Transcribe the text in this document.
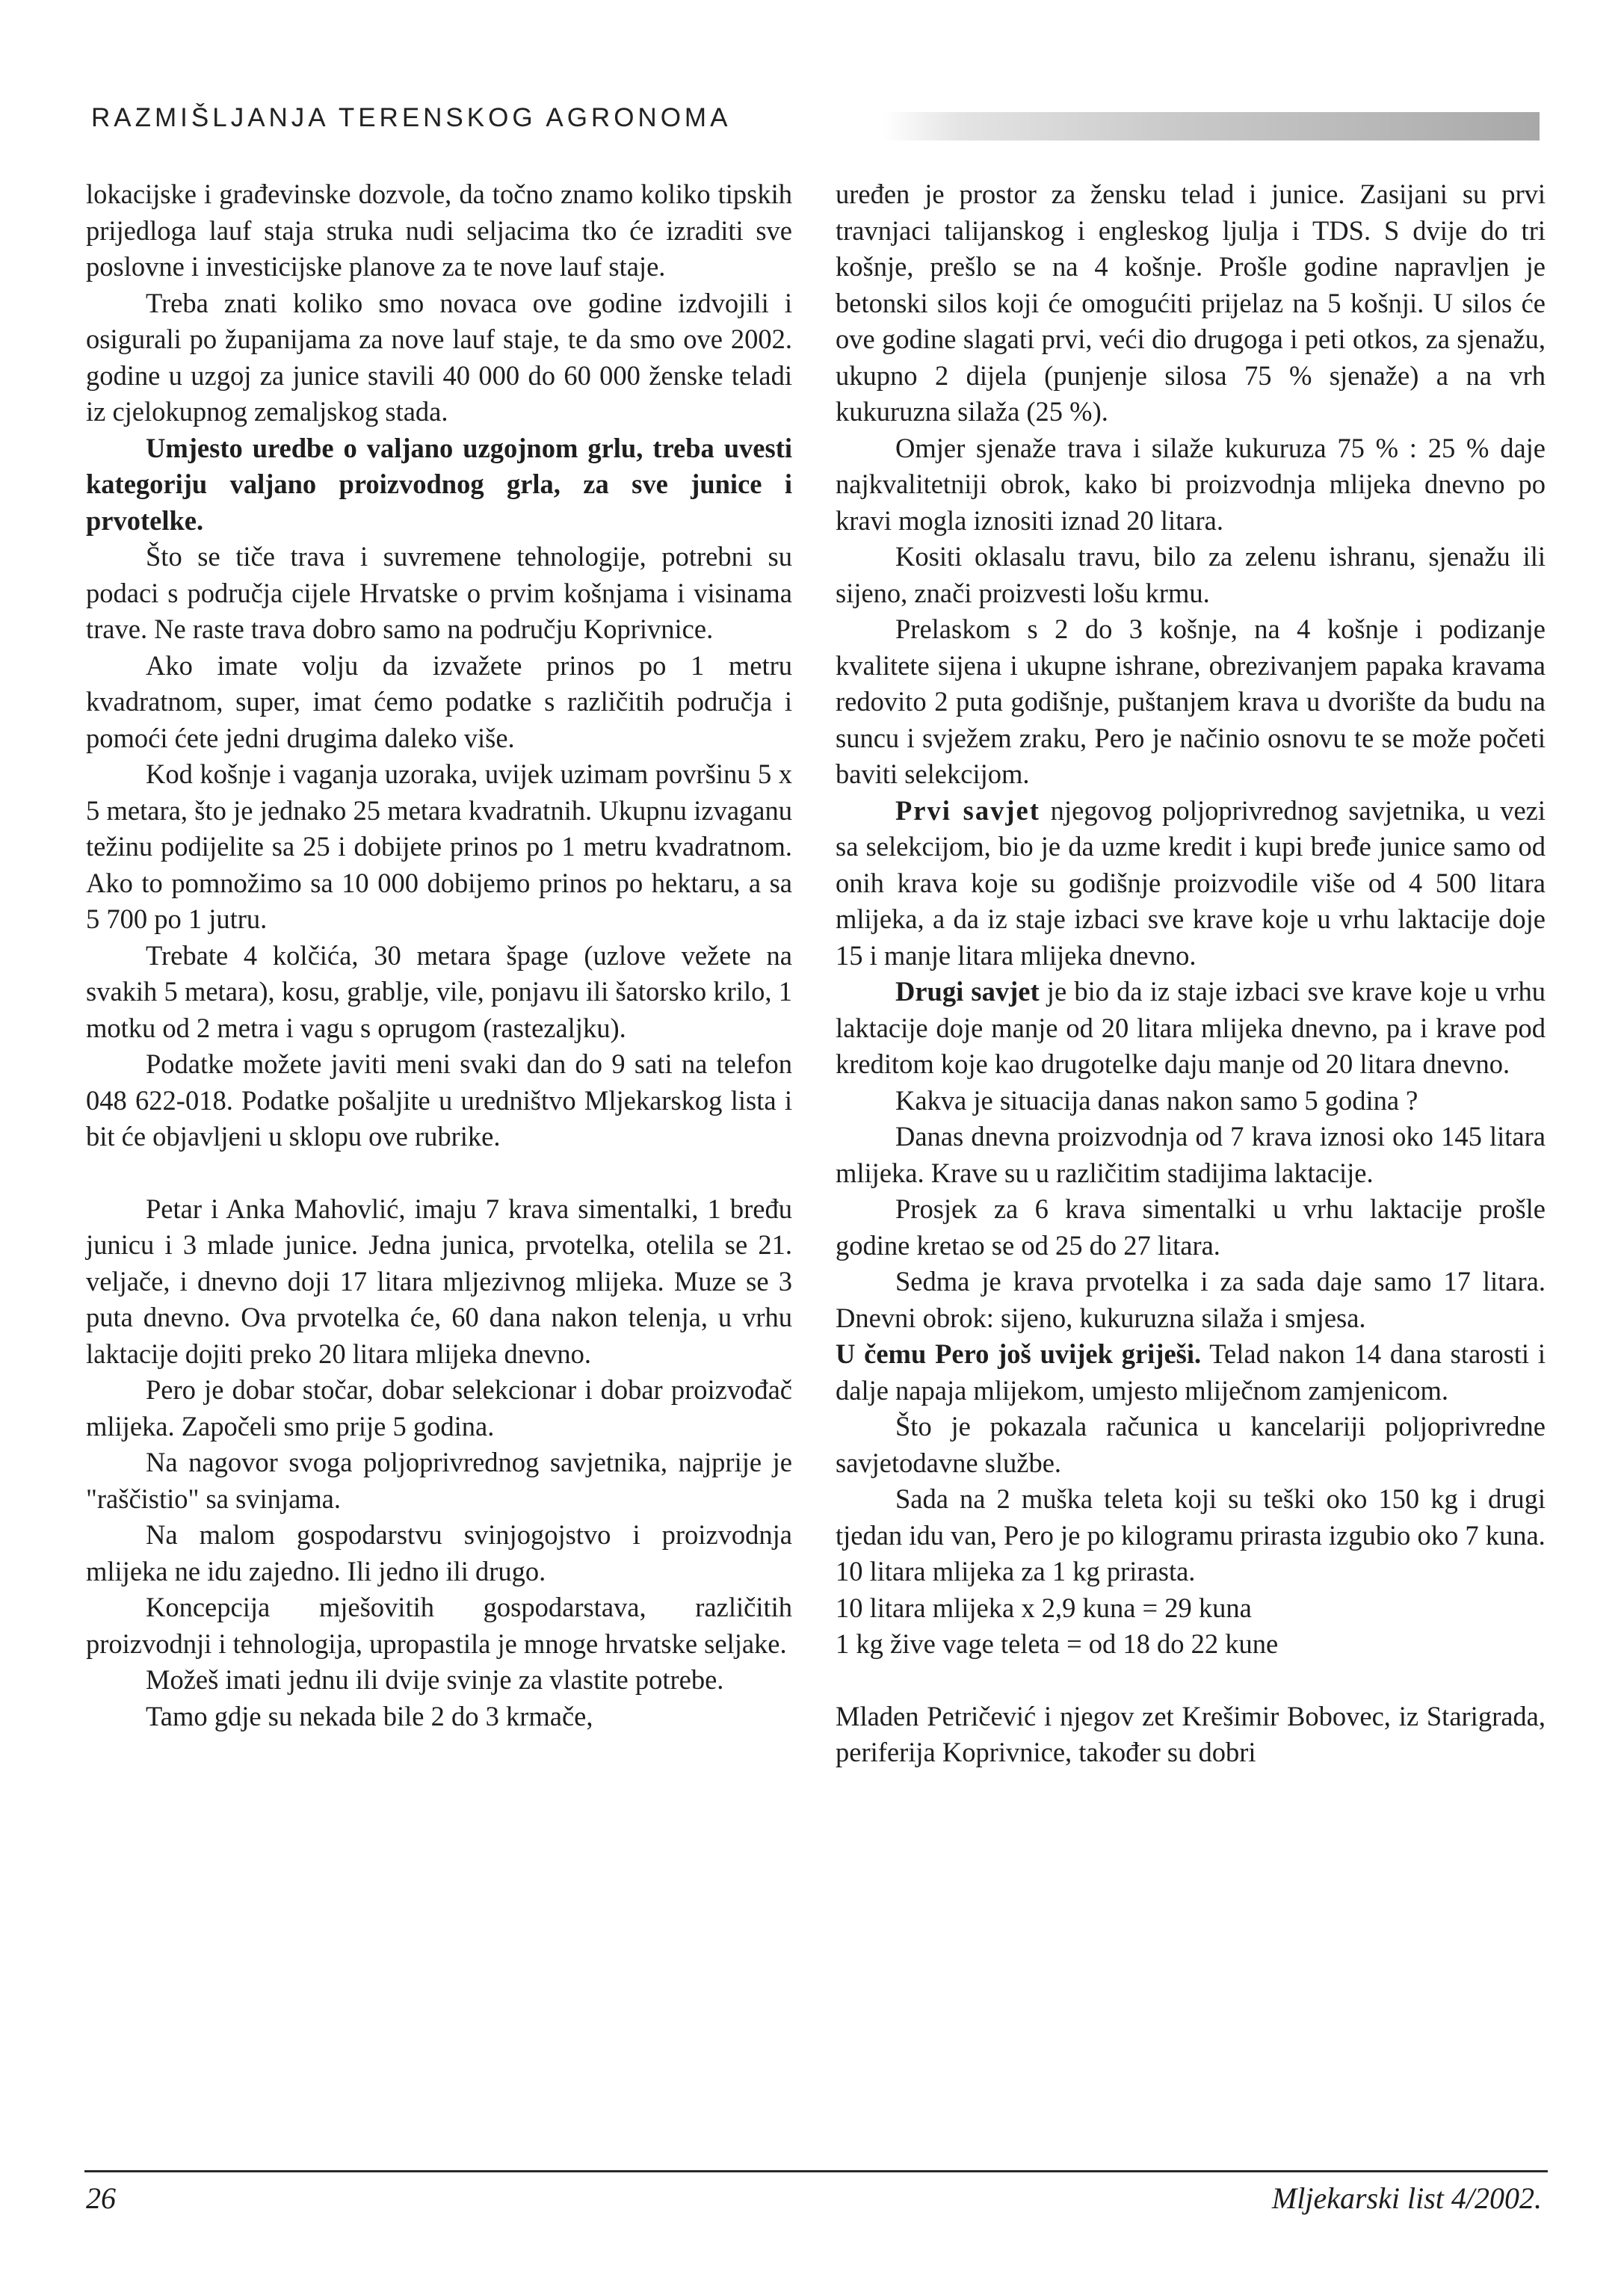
RAZMIŠLJANJA TERENSKOG AGRONOMA

lokacijske i građevinske dozvole, da točno znamo koliko tipskih prijedloga lauf staja struka nudi seljacima tko će izraditi sve poslovne i investicijske planove za te nove lauf staje.

Treba znati koliko smo novaca ove godine izdvojili i osigurali po županijama za nove lauf staje, te da smo ove 2002. godine u uzgoj za junice stavili 40 000 do 60 000 ženske teladi iz cjelokupnog zemaljskog stada.

Umjesto uredbe o valjano uzgojnom grlu, treba uvesti kategoriju valjano proizvodnog grla, za sve junice i prvotelke.

Što se tiče trava i suvremene tehnologije, potrebni su podaci s područja cijele Hrvatske o prvim košnjama i visinama trave. Ne raste trava dobro samo na području Koprivnice.

Ako imate volju da izvažete prinos po 1 metru kvadratnom, super, imat ćemo podatke s različitih područja i pomoći ćete jedni drugima daleko više.

Kod košnje i vaganja uzoraka, uvijek uzimam površinu 5 x 5 metara, što je jednako 25 metara kvadratnih. Ukupnu izvaganu težinu podijelite sa 25 i dobijete prinos po 1 metru kvadratnom. Ako to pomnožimo sa 10 000 dobijemo prinos po hektaru, a sa 5 700 po 1 jutru.

Trebate 4 kolčića, 30 metara špage (uzlove vežete na svakih 5 metara), kosu, grablje, vile, ponjavu ili šatorsko krilo, 1 motku od 2 metra i vagu s oprugom (rastezaljku).

Podatke možete javiti meni svaki dan do 9 sati na telefon 048 622-018. Podatke pošaljite u uredništvo Mljekarskog lista i bit će objavljeni u sklopu ove rubrike.

Petar i Anka Mahovlić, imaju 7 krava simentalki, 1 bređu junicu i 3 mlade junice. Jedna junica, prvotelka, otelila se 21. veljače, i dnevno doji 17 litara mljezivnog mlijeka. Muze se 3 puta dnevno. Ova prvotelka će, 60 dana nakon telenja, u vrhu laktacije dojiti preko 20 litara mlijeka dnevno.

Pero je dobar stočar, dobar selekcionar i dobar proizvođač mlijeka. Započeli smo prije 5 godina.

Na nagovor svoga poljoprivrednog savjetnika, najprije je "raščistio" sa svinjama.

Na malom gospodarstvu svinjogojstvo i proizvodnja mlijeka ne idu zajedno. Ili jedno ili drugo.

Koncepcija mješovitih gospodarstava, različitih proizvodnji i tehnologija, upropastila je mnoge hrvatske seljake.

Možeš imati jednu ili dvije svinje za vlastite potrebe.

Tamo gdje su nekada bile 2 do 3 krmače,

uređen je prostor za žensku telad i junice. Zasijani su prvi travnjaci talijanskog i engleskog ljulja i TDS. S dvije do tri košnje, prešlo se na 4 košnje. Prošle godine napravljen je betonski silos koji će omogućiti prijelaz na 5 košnji. U silos će ove godine slagati prvi, veći dio drugoga i peti otkos, za sjenažu, ukupno 2 dijela (punjenje silosa 75 % sjenaže) a na vrh kukuruzna silaža (25 %).

Omjer sjenaže trava i silaže kukuruza 75 % : 25 % daje najkvalitetniji obrok, kako bi proizvodnja mlijeka dnevno po kravi mogla iznositi iznad 20 litara.

Kositi oklasalu travu, bilo za zelenu ishranu, sjenažu ili sijeno, znači proizvesti lošu krmu.

Prelaskom s 2 do 3 košnje, na 4 košnje i podizanje kvalitete sijena i ukupne ishrane, obrezivanjem papaka kravama redovito 2 puta godišnje, puštanjem krava u dvorište da budu na suncu i svježem zraku, Pero je načinio osnovu te se može početi baviti selekcijom.

Prvi savjet njegovog poljoprivrednog savjetnika, u vezi sa selekcijom, bio je da uzme kredit i kupi bređe junice samo od onih krava koje su godišnje proizvodile više od 4 500 litara mlijeka, a da iz staje izbaci sve krave koje u vrhu laktacije doje 15 i manje litara mlijeka dnevno.

Drugi savjet je bio da iz staje izbaci sve krave koje u vrhu laktacije doje manje od 20 litara mlijeka dnevno, pa i krave pod kreditom koje kao drugotelke daju manje od 20 litara dnevno.

Kakva je situacija danas nakon samo 5 godina ?

Danas dnevna proizvodnja od 7 krava iznosi oko 145 litara mlijeka. Krave su u različitim stadijima laktacije.

Prosjek za 6 krava simentalki u vrhu laktacije prošle godine kretao se od 25 do 27 litara.

Sedma je krava prvotelka i za sada daje samo 17 litara. Dnevni obrok: sijeno, kukuruzna silaža i smjesa.

U čemu Pero još uvijek griješi. Telad nakon 14 dana starosti i dalje napaja mlijekom, umjesto mliječnom zamjenicom.

Što je pokazala računica u kancelariji poljoprivredne savjetodavne službe.

Sada na 2 muška teleta koji su teški oko 150 kg i drugi tjedan idu van, Pero je po kilogramu prirasta izgubio oko 7 kuna.

10 litara mlijeka za 1 kg prirasta.

10 litara mlijeka x 2,9 kuna = 29 kuna

1 kg žive vage teleta = od 18 do 22 kune

Mladen Petričević i njegov zet Krešimir Bobovec, iz Starigrada, periferija Koprivnice, također su dobri

26	Mljekarski list 4/2002.
